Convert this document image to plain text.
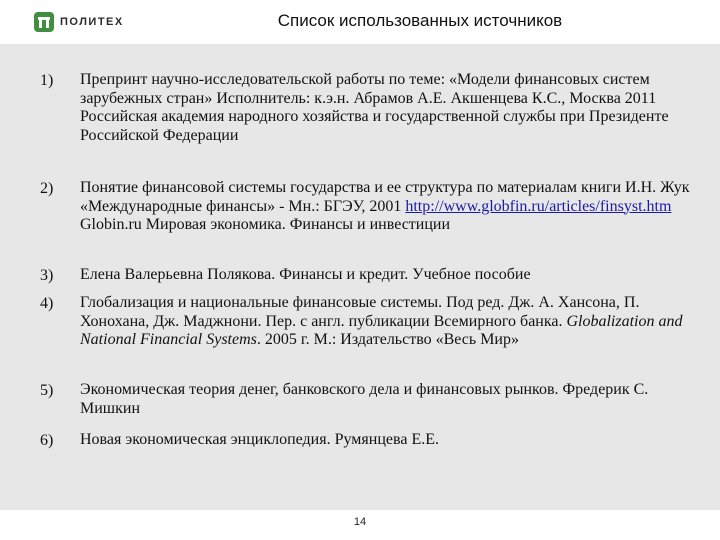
ПОЛИТЕХ	Список использованных источников
1) Препринт научно-исследовательской работы по теме: «Модели финансовых систем зарубежных стран» Исполнитель: к.э.н. Абрамов А.Е. Акшенцева К.С., Москва 2011 Российская академия народного хозяйства и государственной службы при Президенте Российской Федерации
2) Понятие финансовой системы государства и ее структура по материалам книги И.Н. Жук «Международные финансы» - Мн.: БГЭУ, 2001 http://www.globfin.ru/articles/finsyst.htm Globin.ru Мировая экономика. Финансы и инвестиции
3) Елена Валерьевна Полякова. Финансы и кредит. Учебное пособие
4) Глобализация и национальные финансовые системы. Под ред. Дж. А. Хансона, П. Хонохана, Дж. Маджнони. Пер. с англ. публикации Всемирного банка. Globalization and National Financial Systems. 2005 г. М.: Издательство «Весь Мир»
5) Экономическая теория денег, банковского дела и финансовых рынков. Фредерик С. Мишкин
6) Новая экономическая энциклопедия. Румянцева Е.Е.
14
